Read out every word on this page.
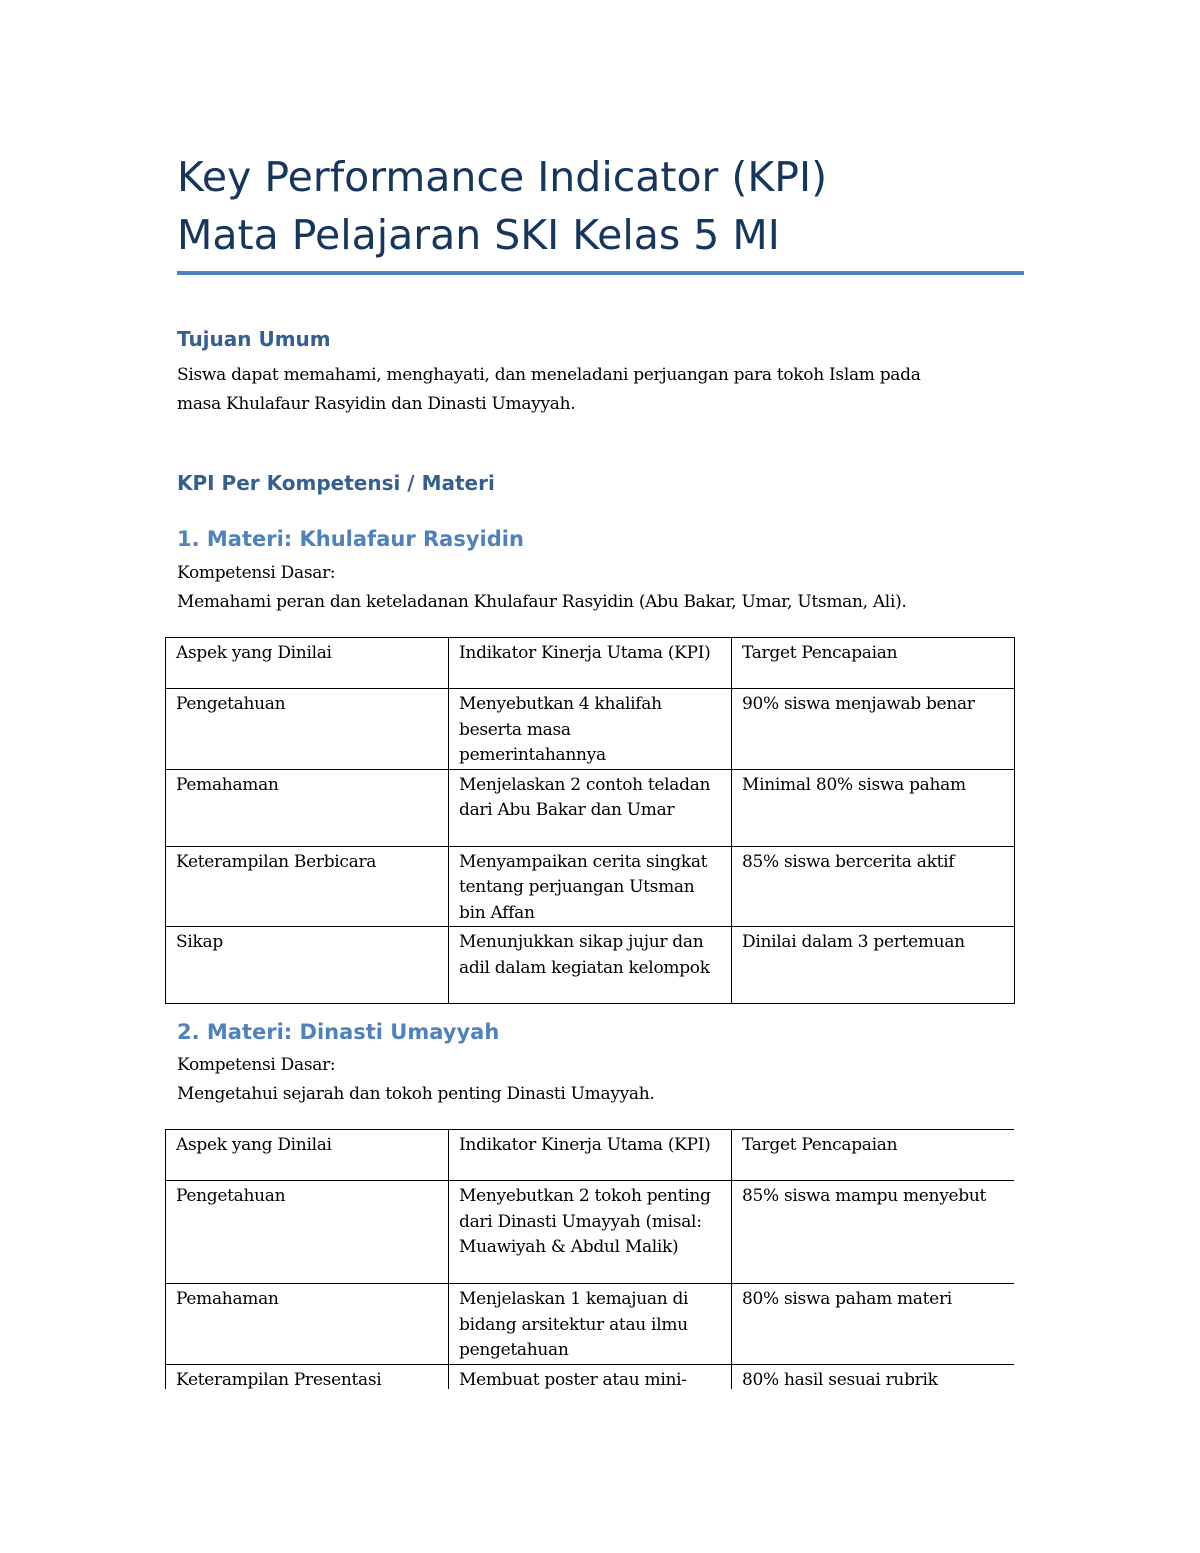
Key Performance Indicator (KPI)
Mata Pelajaran SKI Kelas 5 MI
Tujuan Umum

Siswa dapat memahami, menghayati, dan meneladani perjuangan para tokoh Islam pada
masa Khulafaur Rasyidin dan Dinasti Umayyah.

KPI Per Kompetensi / Materi
1. Materi: Khulafaur Rasyidin

Kompetensi Dasar:

Memahami peran dan keteladanan Khulafaur Rasyidin (Abu Bakar, Umar, Utsman, Ali).

Aspek yang Dinilai	Indikator Kinerja Utama (KPI)	Target Pencapaian
Pengetahuan	Menyebutkan 4 khalifah beserta masa pemerintahannya	90% siswa menjawab benar
Pemahaman	Menjelaskan 2 contoh teladan dari Abu Bakar dan Umar	Minimal 80% siswa paham
Keterampilan Berbicara	Menyampaikan cerita singkat tentang perjuangan Utsman bin Affan	85% siswa bercerita aktif
Sikap	Menunjukkan sikap jujur dan adil dalam kegiatan kelompok	Dinilai dalam 3 pertemuan
2. Materi: Dinasti Umayyah

Kompetensi Dasar:

Mengetahui sejarah dan tokoh penting Dinasti Umayyah.

Aspek yang Dinilai	Indikator Kinerja Utama (KPI)	Target Pencapaian
Pengetahuan	Menyebutkan 2 tokoh penting dari Dinasti Umayyah (misal: Muawiyah & Abdul Malik)	85% siswa mampu menyebut
Pemahaman	Menjelaskan 1 kemajuan di bidang arsitektur atau ilmu pengetahuan	80% siswa paham materi
Keterampilan Presentasi	Membuat poster atau mini-	80% hasil sesuai rubrik
